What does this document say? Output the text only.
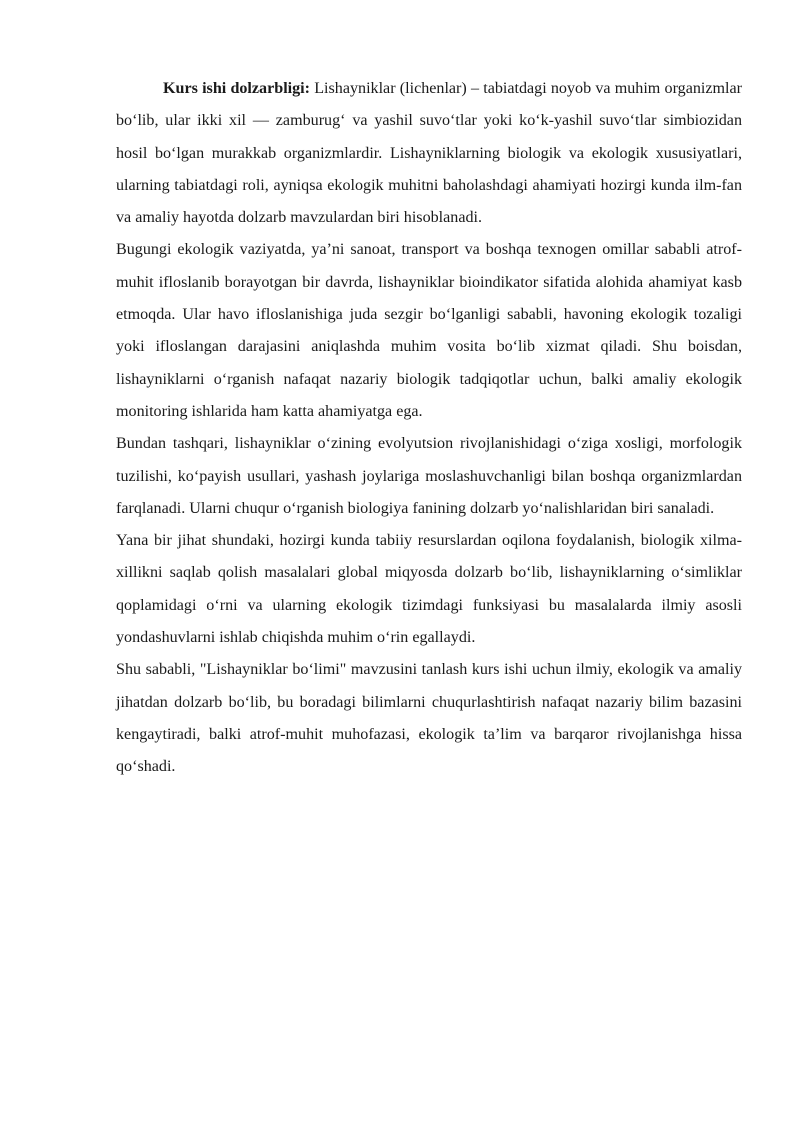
Kurs ishi dolzarbligi: Lishayniklar (lichenlar) – tabiatdagi noyob va muhim organizmlar bo‘lib, ular ikki xil — zamburug‘ va yashil suvo‘tlar yoki ko‘k-yashil suvo‘tlar simbiozidan hosil bo‘lgan murakkab organizmlardir. Lishayniklarning biologik va ekologik xususiyatlari, ularning tabiatdagi roli, ayniqsa ekologik muhitni baholashdagi ahamiyati hozirgi kunda ilm-fan va amaliy hayotda dolzarb mavzulardan biri hisoblanadi.

Bugungi ekologik vaziyatda, ya’ni sanoat, transport va boshqa texnogen omillar sababli atrof-muhit ifloslanib borayotgan bir davrda, lishayniklar bioindikator sifatida alohida ahamiyat kasb etmoqda. Ular havo ifloslanishiga juda sezgir bo‘lganligi sababli, havoning ekologik tozaligi yoki ifloslangan darajasini aniqlashda muhim vosita bo‘lib xizmat qiladi. Shu boisdan, lishayniklarni o‘rganish nafaqat nazariy biologik tadqiqotlar uchun, balki amaliy ekologik monitoring ishlarida ham katta ahamiyatga ega.

Bundan tashqari, lishayniklar o‘zining evolyutsion rivojlanishidagi o‘ziga xosligi, morfologik tuzilishi, ko‘payish usullari, yashash joylariga moslashuvchanligi bilan boshqa organizmlardan farqlanadi. Ularni chuqur o‘rganish biologiya fanining dolzarb yo‘nalishlaridan biri sanaladi.

Yana bir jihat shundaki, hozirgi kunda tabiiy resurslardan oqilona foydalanish, biologik xilma-xillikni saqlab qolish masalalari global miqyosda dolzarb bo‘lib, lishayniklarning o‘simliklar qoplamidagi o‘rni va ularning ekologik tizimdagi funksiyasi bu masalalarda ilmiy asosli yondashuvlarni ishlab chiqishda muhim o‘rin egallaydi.

Shu sababli, "Lishayniklar bo‘limi" mavzusini tanlash kurs ishi uchun ilmiy, ekologik va amaliy jihatdan dolzarb bo‘lib, bu boradagi bilimlarni chuqurlashtirish nafaqat nazariy bilim bazasini kengaytiradi, balki atrof-muhit muhofazasi, ekologik ta’lim va barqaror rivojlanishga hissa qo‘shadi.
